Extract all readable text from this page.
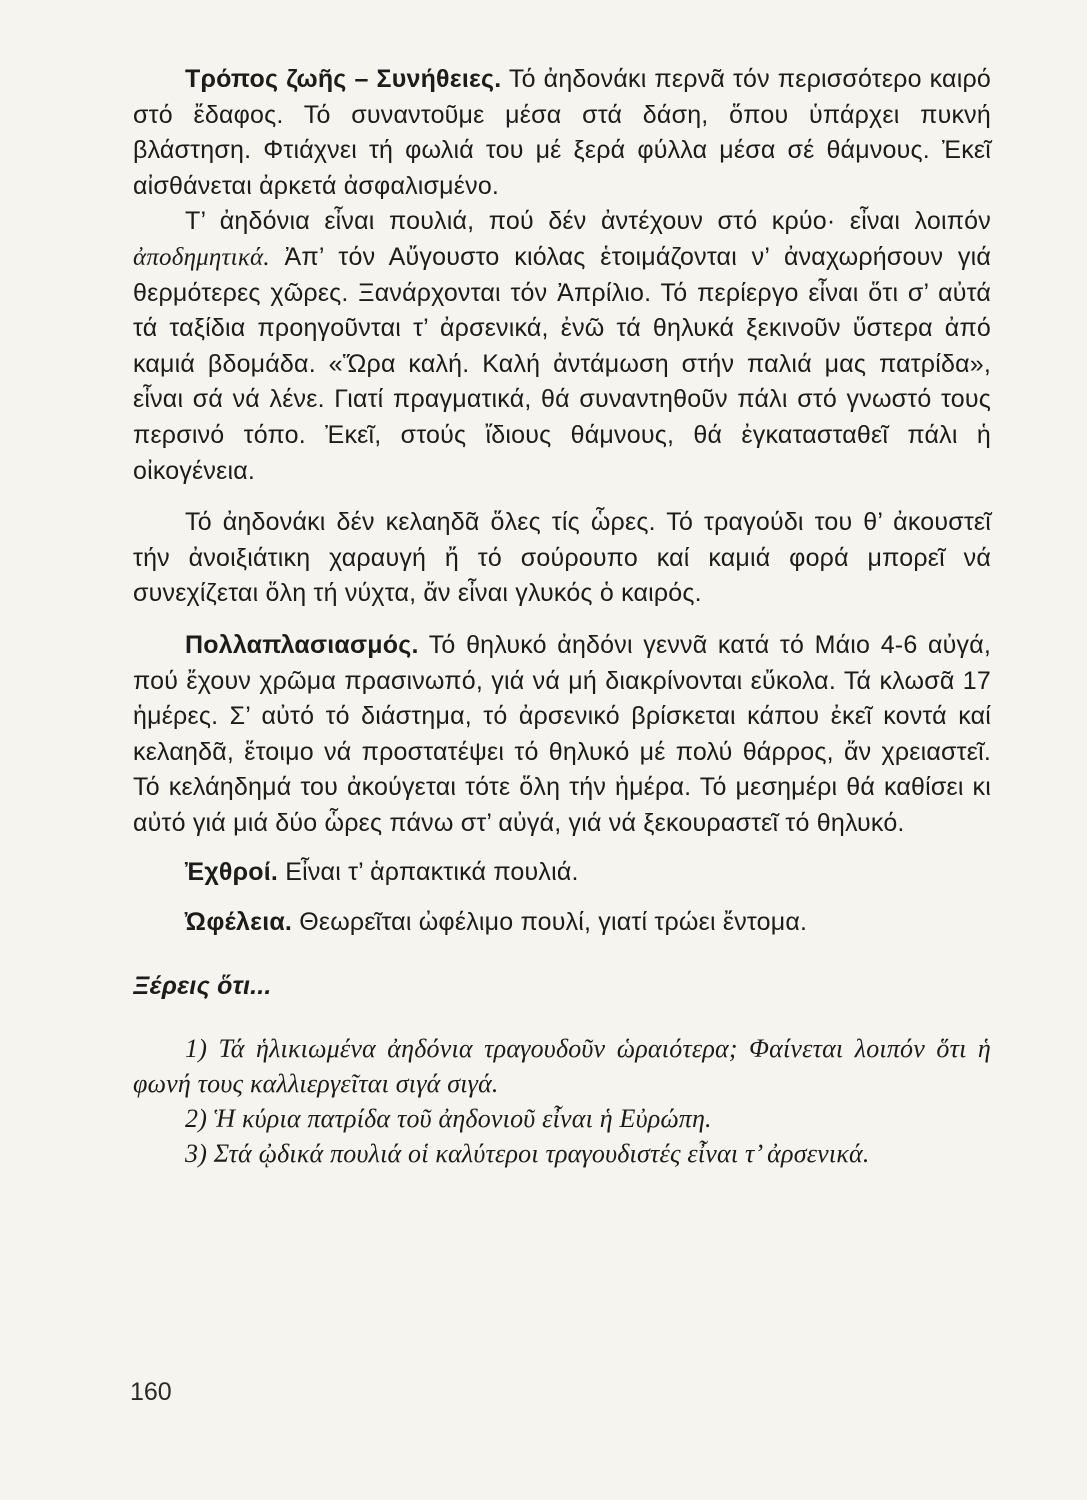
Τρόπος ζωῆς – Συνήθειες. Τό ἀηδονάκι περνᾶ τόν περισσότερο καιρό στό ἔδαφος. Τό συναντοῦμε μέσα στά δάση, ὅπου ὑπάρχει πυκνή βλάστηση. Φτιάχνει τή φωλιά του μέ ξερά φύλλα μέσα σέ θάμνους. Ἐκεῖ αἰσθάνεται ἀρκετά ἀσφαλισμένο.

Τ’ ἀηδόνια εἶναι πουλιά, πού δέν ἀντέχουν στό κρύο· εἶναι λοιπόν ἀποδημητικά. Ἀπ’ τόν Αὔγουστο κιόλας ἑτοιμάζονται ν’ ἀναχωρήσουν γιά θερμότερες χῶρες. Ξανάρχονται τόν Ἀπρίλιο. Τό περίεργο εἶναι ὅτι σ’ αὐτά τά ταξίδια προηγοῦνται τ’ ἀρσενικά, ἐνῶ τά θηλυκά ξεκινοῦν ὕστερα ἀπό καμιά βδομάδα. «Ὥρα καλή. Καλή ἀντάμωση στήν παλιά μας πατρίδα», εἶναι σά νά λένε. Γιατί πραγματικά, θά συναντηθοῦν πάλι στό γνωστό τους περσινό τόπο. Ἐκεῖ, στούς ἴδιους θάμνους, θά ἐγκατασταθεῖ πάλι ἡ οἰκογένεια.

Τό ἀηδονάκι δέν κελαηδᾶ ὅλες τίς ὧρες. Τό τραγούδι του θ’ ἀκουστεῖ τήν ἀνοιξιάτικη χαραυγή ἤ τό σούρουπο καί καμιά φορά μπορεῖ νά συνεχίζεται ὅλη τή νύχτα, ἄν εἶναι γλυκός ὁ καιρός.

Πολλαπλασιασμός. Τό θηλυκό ἀηδόνι γεννᾶ κατά τό Μάιο 4-6 αὐγά, πού ἔχουν χρῶμα πρασινωπό, γιά νά μή διακρίνονται εὔκολα. Τά κλωσᾶ 17 ἡμέρες. Σ’ αὐτό τό διάστημα, τό ἀρσενικό βρίσκεται κάπου ἐκεῖ κοντά καί κελαηδᾶ, ἕτοιμο νά προστατέψει τό θηλυκό μέ πολύ θάρρος, ἄν χρειαστεῖ. Τό κελάηδημά του ἀκούγεται τότε ὅλη τήν ἡμέρα. Τό μεσημέρι θά καθίσει κι αὐτό γιά μιά δύο ὧρες πάνω στ’ αὐγά, γιά νά ξεκουραστεῖ τό θηλυκό.

Ἐχθροί. Εἶναι τ’ ἁρπακτικά πουλιά.

Ὠφέλεια. Θεωρεῖται ὠφέλιμο πουλί, γιατί τρώει ἔντομα.

Ξέρεις ὅτι...

1) Τά ἡλικιωμένα ἀηδόνια τραγουδοῦν ὡραιότερα; Φαίνεται λοιπόν ὅτι ἡ φωνή τους καλλιεργεῖται σιγά σιγά.

2) Ἡ κύρια πατρίδα τοῦ ἀηδονιοῦ εἶναι ἡ Εὐρώπη.

3) Στά ᾠδικά πουλιά οἱ καλύτεροι τραγουδιστές εἶναι τ’ ἀρσενικά.

160
